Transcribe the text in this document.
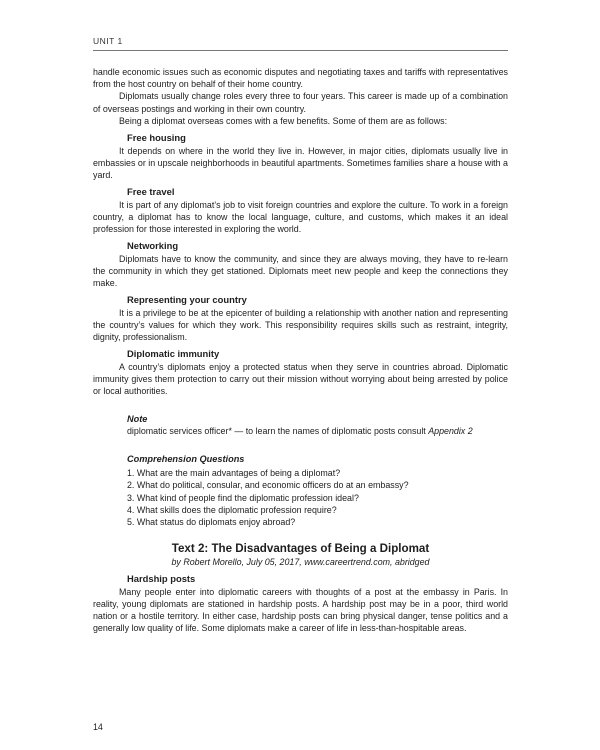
UNIT 1

handle economic issues such as economic disputes and negotiating taxes and tariffs with representatives from the host country on behalf of their home country.

Diplomats usually change roles every three to four years. This career is made up of a combination of overseas postings and working in their own country.

Being a diplomat overseas comes with a few benefits. Some of them are as follows:

Free housing

It depends on where in the world they live in. However, in major cities, diplomats usually live in embassies or in upscale neighborhoods in beautiful apartments. Sometimes families share a house with a yard.

Free travel

It is part of any diplomat’s job to visit foreign countries and explore the culture. To work in a foreign country, a diplomat has to know the local language, culture, and customs, which makes it an ideal profession for those interested in exploring the world.

Networking

Diplomats have to know the community, and since they are always moving, they have to re-learn the community in which they get stationed. Diplomats meet new people and keep the connections they make.

Representing your country

It is a privilege to be at the epicenter of building a relationship with another nation and representing the country’s values for which they work. This responsibility requires skills such as restraint, integrity, dignity, professionalism.

Diplomatic immunity

A country’s diplomats enjoy a protected status when they serve in countries abroad. Diplomatic immunity gives them protection to carry out their mission without worrying about being arrested by police or local authorities.

Note
diplomatic services officer* — to learn the names of diplomatic posts consult Appendix 2
Comprehension Questions
1. What are the main advantages of being a diplomat?
2. What do political, consular, and economic officers do at an embassy?
3. What kind of people find the diplomatic profession ideal?
4. What skills does the diplomatic profession require?
5. What status do diplomats enjoy abroad?
Text 2: The Disadvantages of Being a Diplomat
by Robert Morello, July 05, 2017, www.careertrend.com, abridged
Hardship posts

Many people enter into diplomatic careers with thoughts of a post at the embassy in Paris. In reality, young diplomats are stationed in hardship posts. A hardship post may be in a poor, third world nation or a hostile territory. In either case, hardship posts can bring physical danger, tense politics and a generally low quality of life. Some diplomats make a career of life in less-than-hospitable areas.

14
